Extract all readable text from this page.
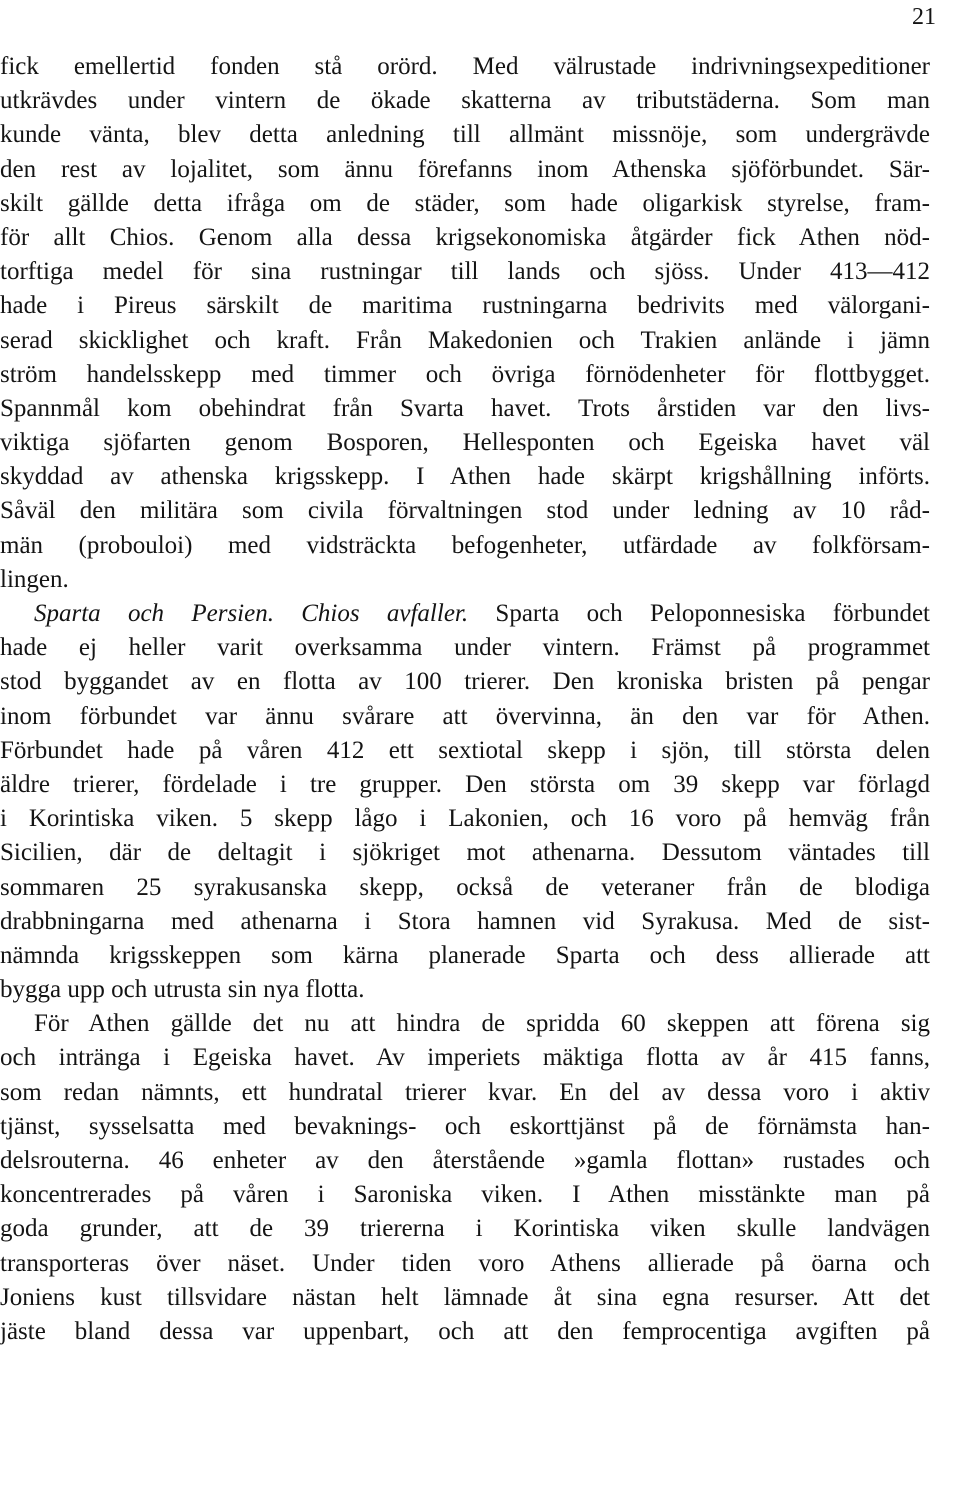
21
fick emellertid fonden stå orörd. Med välrustade indrivningsexpeditioner
utkrävdes under vintern de ökade skatterna av tributstäderna. Som man
kunde vänta, blev detta anledning till allmänt missnöje, som undergrävde
den rest av lojalitet, som ännu förefanns inom Athenska sjöförbundet. Sär-
skilt gällde detta ifråga om de städer, som hade oligarkisk styrelse, fram-
för allt Chios. Genom alla dessa krigsekonomiska åtgärder fick Athen nöd-
torftiga medel för sina rustningar till lands och sjöss. Under 413—412
hade i Pireus särskilt de maritima rustningarna bedrivits med välorgani-
serad skicklighet och kraft. Från Makedonien och Trakien anlände i jämn
ström handelsskepp med timmer och övriga förnödenheter för flottbygget.
Spannmål kom obehindrat från Svarta havet. Trots årstiden var den livs-
viktiga sjöfarten genom Bosporen, Hellesponten och Egeiska havet väl
skyddad av athenska krigsskepp. I Athen hade skärpt krigshållning införts.
Såväl den militära som civila förvaltningen stod under ledning av 10 råd-
män (probouloi) med vidsträckta befogenheter, utfärdade av folkförsam-
lingen.
Sparta och Persien. Chios avfaller. Sparta och Peloponnesiska förbundet
hade ej heller varit overksamma under vintern. Främst på programmet
stod byggandet av en flotta av 100 trierer. Den kroniska bristen på pengar
inom förbundet var ännu svårare att övervinna, än den var för Athen.
Förbundet hade på våren 412 ett sextiotal skepp i sjön, till största delen
äldre trierer, fördelade i tre grupper. Den största om 39 skepp var förlagd
i Korintiska viken. 5 skepp lågo i Lakonien, och 16 voro på hemväg från
Sicilien, där de deltagit i sjökriget mot athenarna. Dessutom väntades till
sommaren 25 syrakusanska skepp, också de veteraner från de blodiga
drabbningarna med athenarna i Stora hamnen vid Syrakusa. Med de sist-
nämnda krigsskeppen som kärna planerade Sparta och dess allierade att
bygga upp och utrusta sin nya flotta.
För Athen gällde det nu att hindra de spridda 60 skeppen att förena sig
och intränga i Egeiska havet. Av imperiets mäktiga flotta av år 415 fanns,
som redan nämnts, ett hundratal trierer kvar. En del av dessa voro i aktiv
tjänst, sysselsatta med bevaknings- och eskorttjänst på de förnämsta han-
delsrouterna. 46 enheter av den återstående »gamla flottan» rustades och
koncentrerades på våren i Saroniska viken. I Athen misstänkte man på
goda grunder, att de 39 triererna i Korintiska viken skulle landvägen
transporteras över näset. Under tiden voro Athens allierade på öarna och
Joniens kust tillsvidare nästan helt lämnade åt sina egna resurser. Att det
jäste bland dessa var uppenbart, och att den femprocentiga avgiften på
